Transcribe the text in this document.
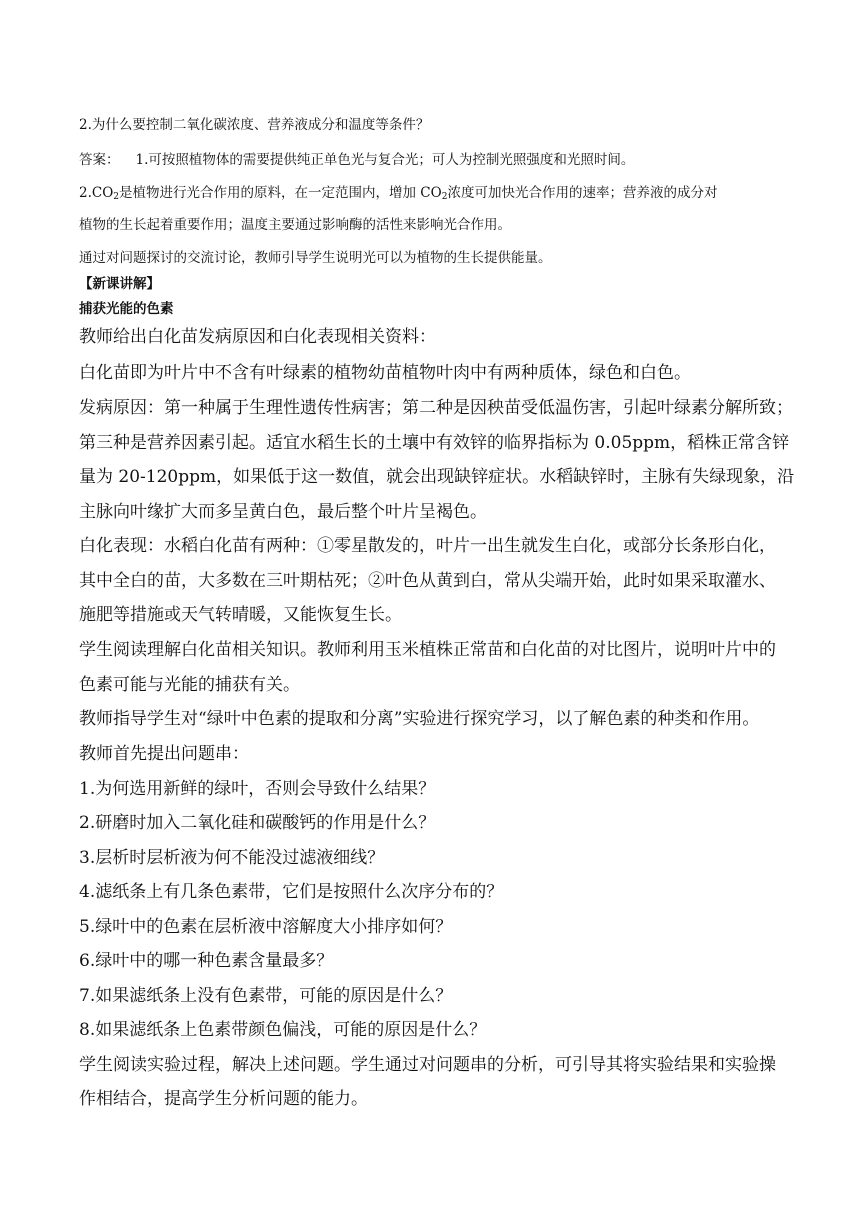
2.为什么要控制二氧化碳浓度、营养液成分和温度等条件？
答案： 1.可按照植物体的需要提供纯正单色光与复合光；可人为控制光照强度和光照时间。
$2.CO_2$是植物进行光合作用的原料，在一定范围内，增加 $CO_2$浓度可加快光合作用的速率；营养液的成分对
植物的生长起着重要作用；温度主要通过影响酶的活性来影响光合作用。
通过对问题探讨的交流讨论，教师引导学生说明光可以为植物的生长提供能量。
【新课讲解】
捕获光能的色素
教师给出白化苗发病原因和白化表现相关资料：
白化苗即为叶片中不含有叶绿素的植物幼苗植物叶肉中有两种质体，绿色和白色。
发病原因：第一种属于生理性遗传性病害；第二种是因秧苗受低温伤害，引起叶绿素分解所致；
第三种是营养因素引起。适宜水稻生长的土壤中有效锌的临界指标为 0.05ppm，稻株正常含锌
量为 20-120ppm，如果低于这一数值，就会出现缺锌症状。水稻缺锌时，主脉有失绿现象，沿
主脉向叶缘扩大而多呈黄白色，最后整个叶片呈褐色。
白化表现：水稻白化苗有两种：①零星散发的，叶片一出生就发生白化，或部分长条形白化，
其中全白的苗，大多数在三叶期枯死；②叶色从黄到白，常从尖端开始，此时如果采取灌水、
施肥等措施或天气转晴暖，又能恢复生长。
学生阅读理解白化苗相关知识。教师利用玉米植株正常苗和白化苗的对比图片，说明叶片中的
色素可能与光能的捕获有关。
教师指导学生对“绿叶中色素的提取和分离”实验进行探究学习，以了解色素的种类和作用。
教师首先提出问题串：
1.为何选用新鲜的绿叶，否则会导致什么结果？
2.研磨时加入二氧化硅和碳酸钙的作用是什么？
3.层析时层析液为何不能没过滤液细线？
4.滤纸条上有几条色素带，它们是按照什么次序分布的？
5.绿叶中的色素在层析液中溶解度大小排序如何？
6.绿叶中的哪一种色素含量最多？
7.如果滤纸条上没有色素带，可能的原因是什么？
8.如果滤纸条上色素带颜色偏浅，可能的原因是什么？
学生阅读实验过程，解决上述问题。学生通过对问题串的分析，可引导其将实验结果和实验操
作相结合，提高学生分析问题的能力。
